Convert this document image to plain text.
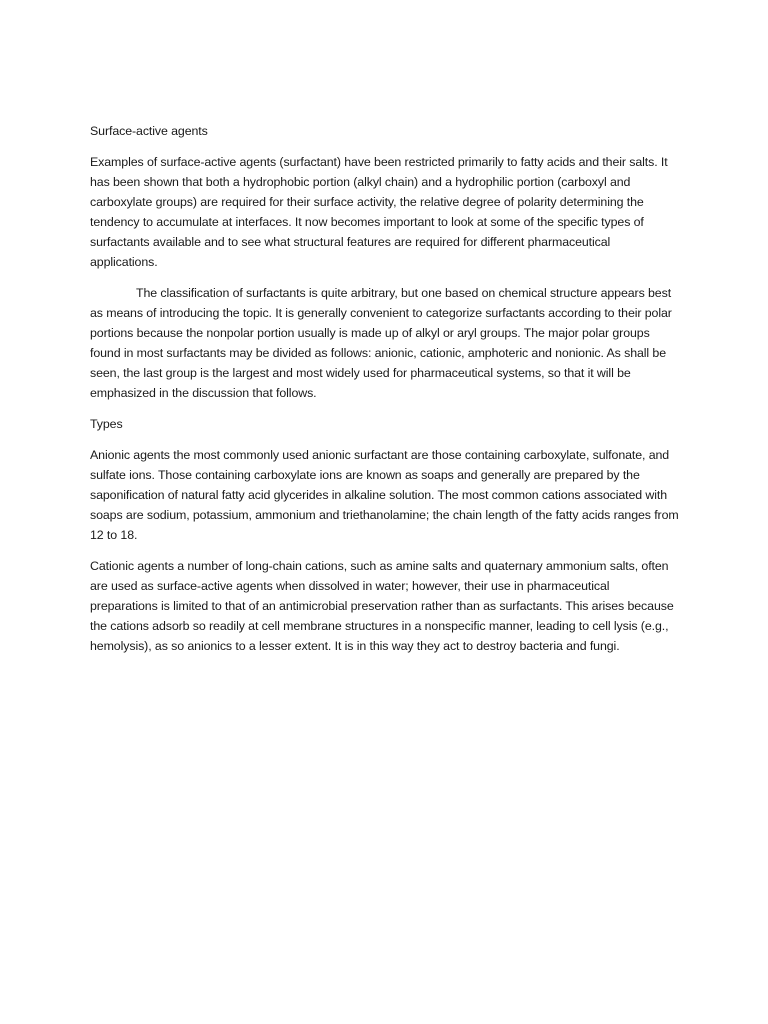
Surface-active agents

Examples of surface-active agents (surfactant) have been restricted primarily to fatty acids and their salts. It has been shown that both a hydrophobic portion (alkyl chain) and a hydrophilic portion (carboxyl and carboxylate groups) are required for their surface activity, the relative degree of polarity determining the tendency to accumulate at interfaces. It now becomes important to look at some of the specific types of surfactants available and to see what structural features are required for different pharmaceutical applications.

The classification of surfactants is quite arbitrary, but one based on chemical structure appears best as means of introducing the topic. It is generally convenient to categorize surfactants according to their polar portions because the nonpolar portion usually is made up of alkyl or aryl groups. The major polar groups found in most surfactants may be divided as follows: anionic, cationic, amphoteric and nonionic. As shall be seen, the last group is the largest and most widely used for pharmaceutical systems, so that it will be emphasized in the discussion that follows.

Types

Anionic agents the most commonly used anionic surfactant are those containing carboxylate, sulfonate, and sulfate ions. Those containing carboxylate ions are known as soaps and generally are prepared by the saponification of natural fatty acid glycerides in alkaline solution. The most common cations associated with soaps are sodium, potassium, ammonium and triethanolamine; the chain length of the fatty acids ranges from 12 to 18.

Cationic agents a number of long-chain cations, such as amine salts and quaternary ammonium salts, often are used as surface-active agents when dissolved in water; however, their use in pharmaceutical preparations is limited to that of an antimicrobial preservation rather than as surfactants. This arises because the cations adsorb so readily at cell membrane structures in a nonspecific manner, leading to cell lysis (e.g., hemolysis), as so anionics to a lesser extent. It is in this way they act to destroy bacteria and fungi.
